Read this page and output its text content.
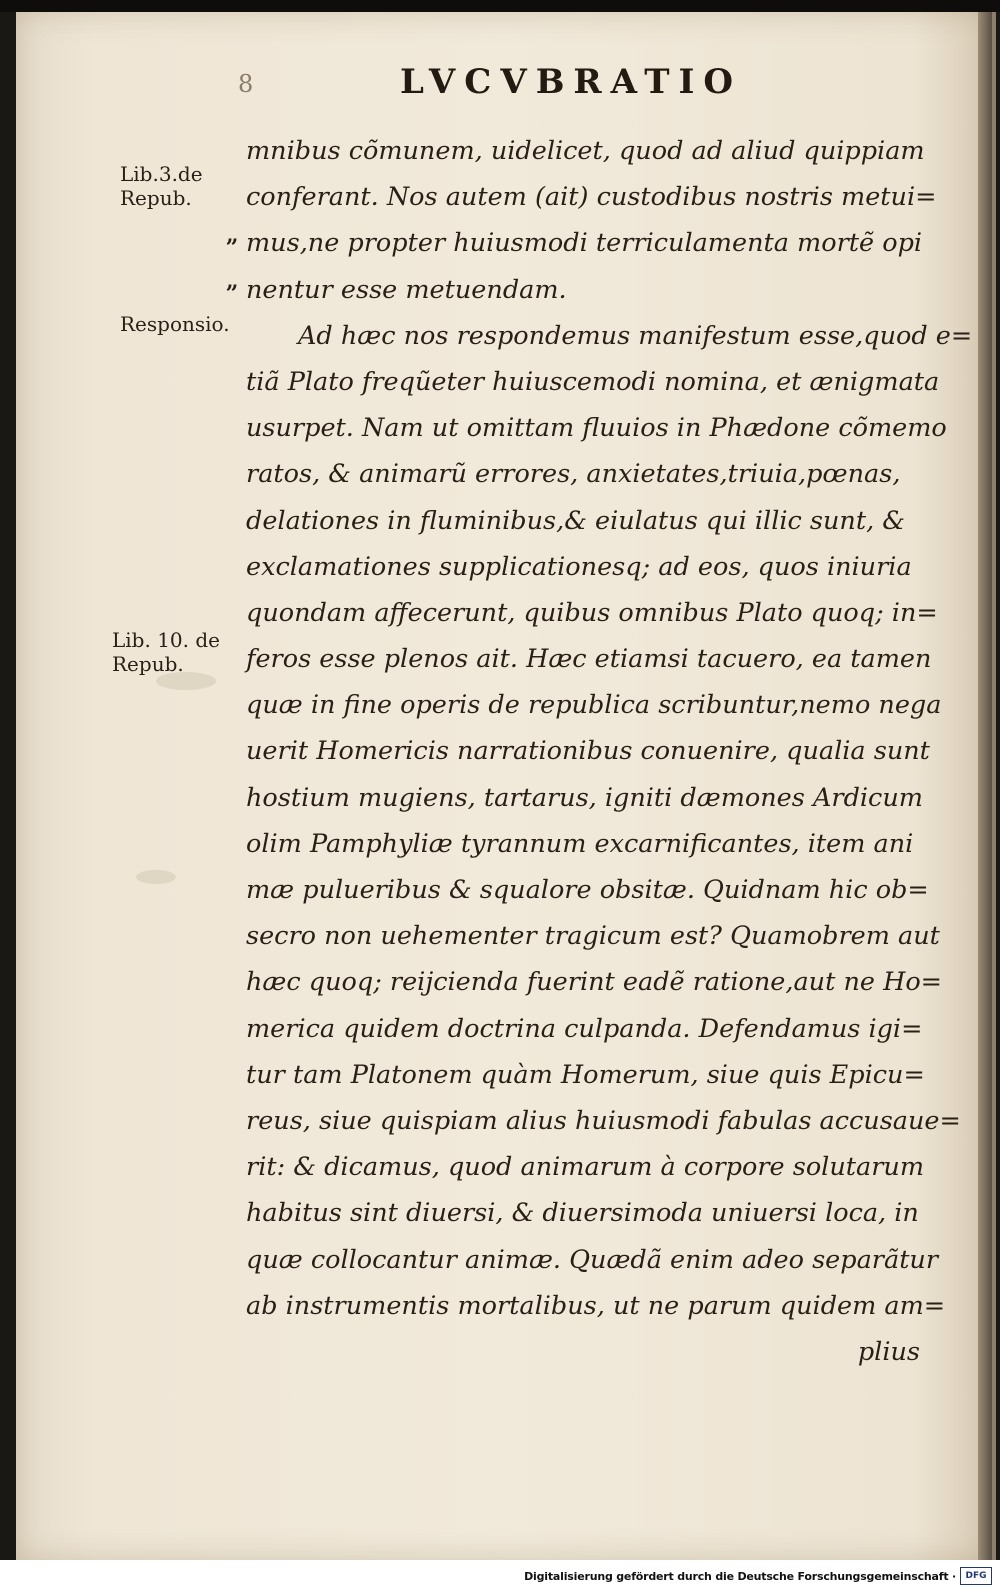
8	LVCVBRATIO
Lib.3.de Repub.
Responsio.
Lib. 10. de Repub.
„
„
mnibus cõmunem, uidelicet, quod ad aliud quippiam
conferant. Nos autem (ait) custodibus nostris metui=
mus,ne propter huiusmodi terriculamenta mortẽ opi
nentur esse metuendam.
Ad hæc nos respondemus manifestum esse,quod e=
tiã Plato freqũeter huiuscemodi nomina, et ænigmata
usurpet. Nam ut omittam fluuios in Phædone cõmemo
ratos, & animarũ errores, anxietates,triuia,pœnas,
delationes in fluminibus,& eiulatus qui illic sunt, &
exclamationes supplicationesq; ad eos, quos iniuria
quondam affecerunt, quibus omnibus Plato quoq; in=
feros esse plenos ait. Hæc etiamsi tacuero, ea tamen
quæ in fine operis de republica scribuntur,nemo nega
uerit Homericis narrationibus conuenire, qualia sunt
hostium mugiens, tartarus, igniti dæmones Ardicum
olim Pamphyliæ tyrannum excarnificantes, item ani
mæ pulueribus & squalore obsitæ. Quidnam hic ob=
secro non uehementer tragicum est? Quamobrem aut
hæc quoq; reijcienda fuerint eadẽ ratione,aut ne Ho=
merica quidem doctrina culpanda. Defendamus igi=
tur tam Platonem quàm Homerum, siue quis Epicu=
reus, siue quispiam alius huiusmodi fabulas accusaue=
rit: & dicamus, quod animarum à corpore solutarum
habitus sint diuersi, & diuersimoda uniuersi loca, in
quæ collocantur animæ. Quædã enim adeo separãtur
ab instrumentis mortalibus, ut ne parum quidem am=
plius
Digitalisierung gefördert durch die Deutsche Forschungsgemeinschaft ·	DFG
